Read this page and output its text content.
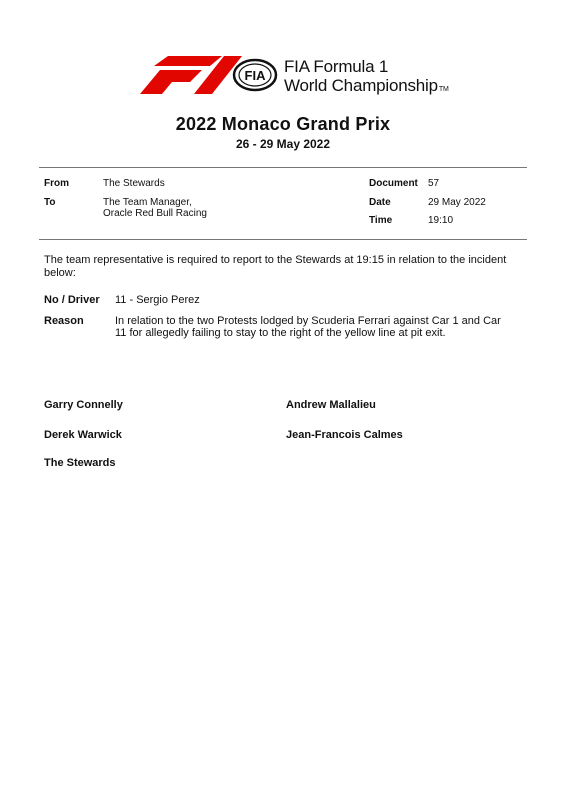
FIA FIA Formula 1
World ChampionshipTM
2022 Monaco Grand Prix
26 - 29 May 2022
From	The Stewards
To	The Team Manager,
Oracle Red Bull Racing
Document 57
Date	29 May 2022
Time	19:10
The team representative is required to report to the Stewards at 19:15 in relation to the incident below:
No / Driver 11 - Sergio Perez
Reason	In relation to the two Protests lodged by Scuderia Ferrari against Car 1 and Car 11 for allegedly failing to stay to the right of the yellow line at pit exit.
Garry Connelly	Andrew Mallalieu
Derek Warwick	Jean-Francois Calmes
The Stewards
